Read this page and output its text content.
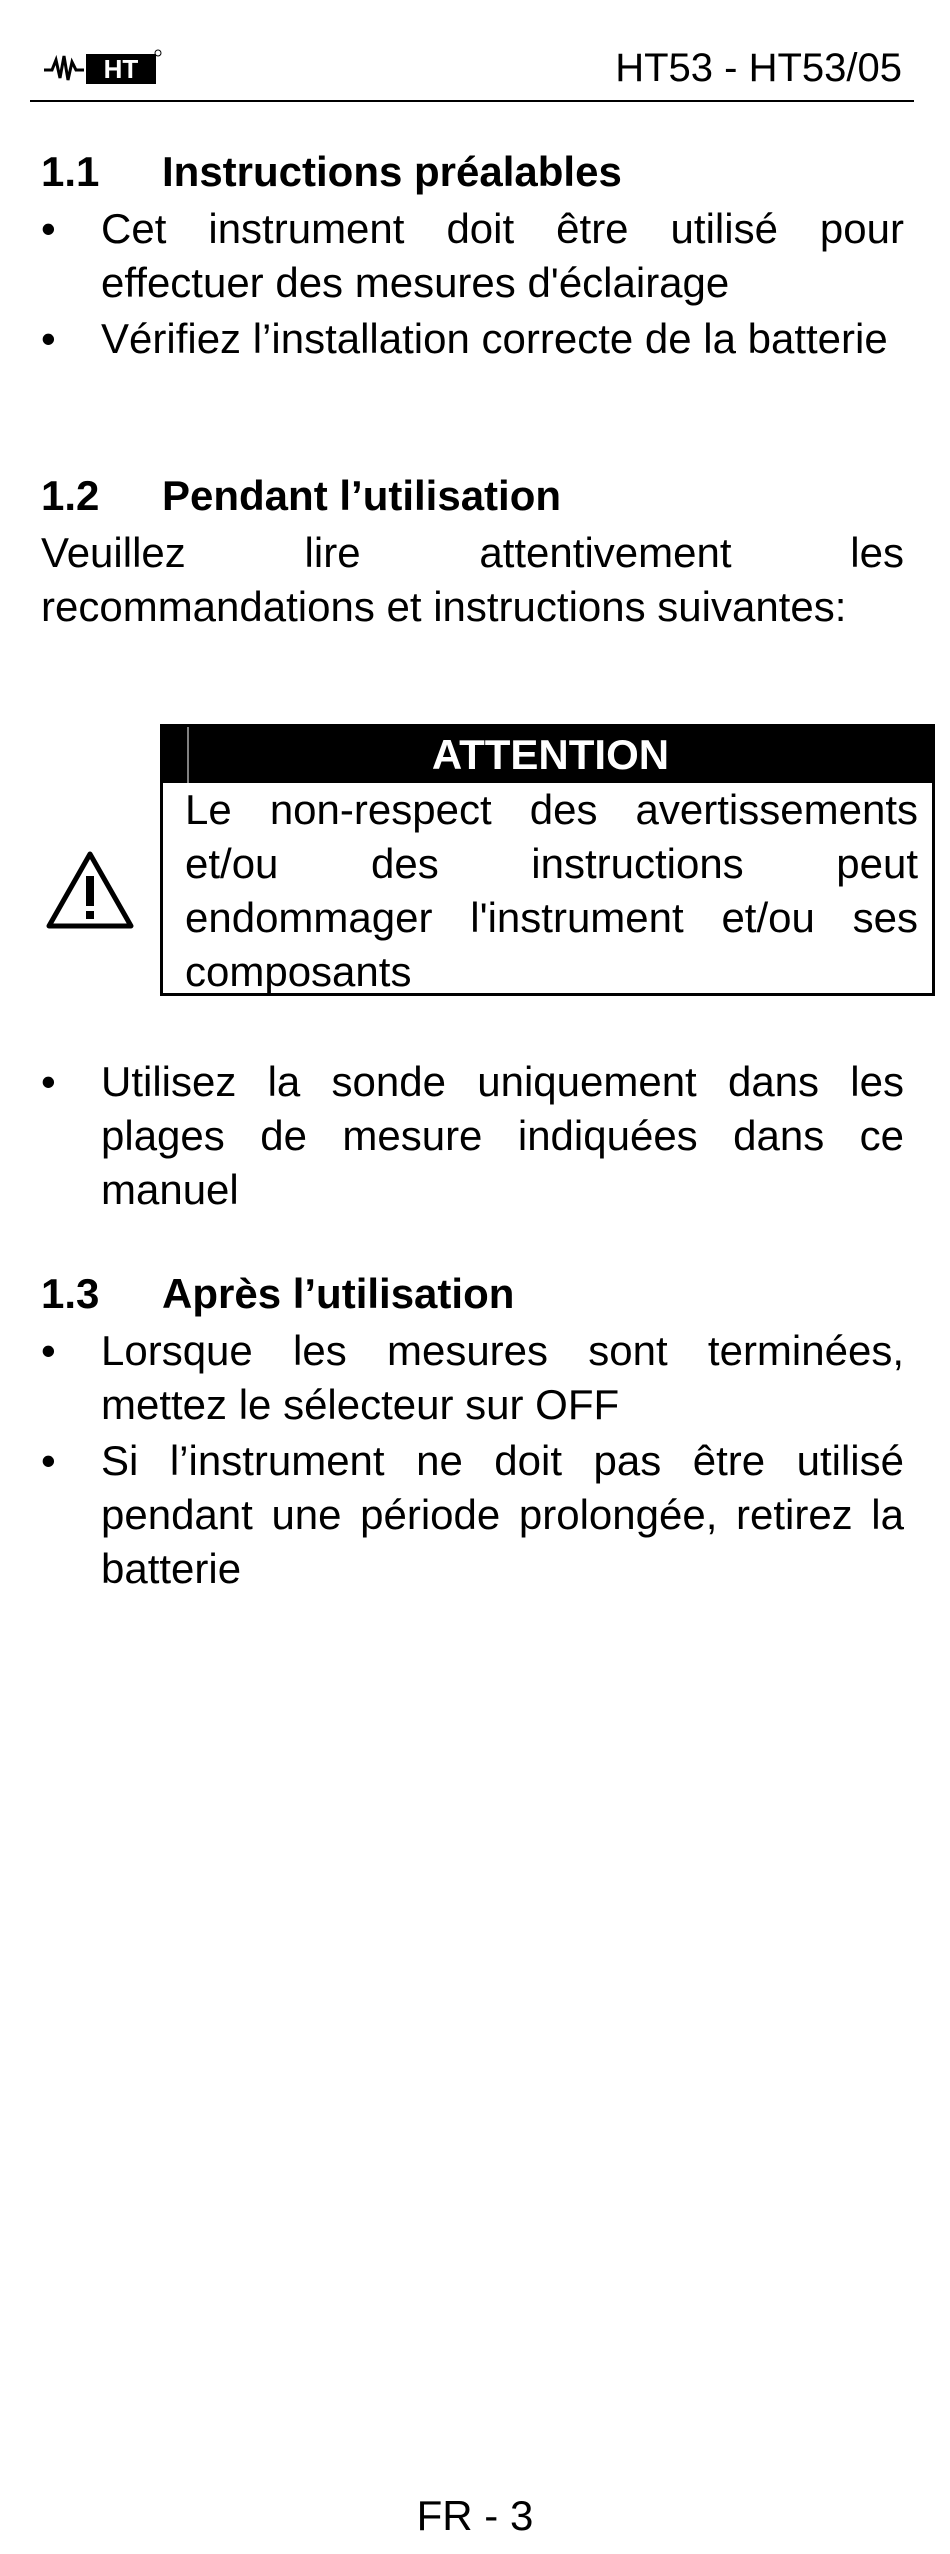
HT	HT53 - HT53/05
1.1 Instructions préalables
•	Cet instrument doit être utilisé pour effectuer des mesures d'éclairage
•	Vérifiez l’installation correcte de la batterie
1.2 Pendant l’utilisation

Veuillez lire attentivement les recommandations et instructions suivantes:

ATTENTION
Le non-respect des avertissements et/ou des instructions peut endommager l'instrument et/ou ses composants
•	Utilisez la sonde uniquement dans les plages de mesure indiquées dans ce manuel
1.3 Après l’utilisation
•	Lorsque les mesures sont terminées, mettez le sélecteur sur OFF
•	Si l’instrument ne doit pas être utilisé pendant une période prolongée, retirez la batterie
FR - 3
